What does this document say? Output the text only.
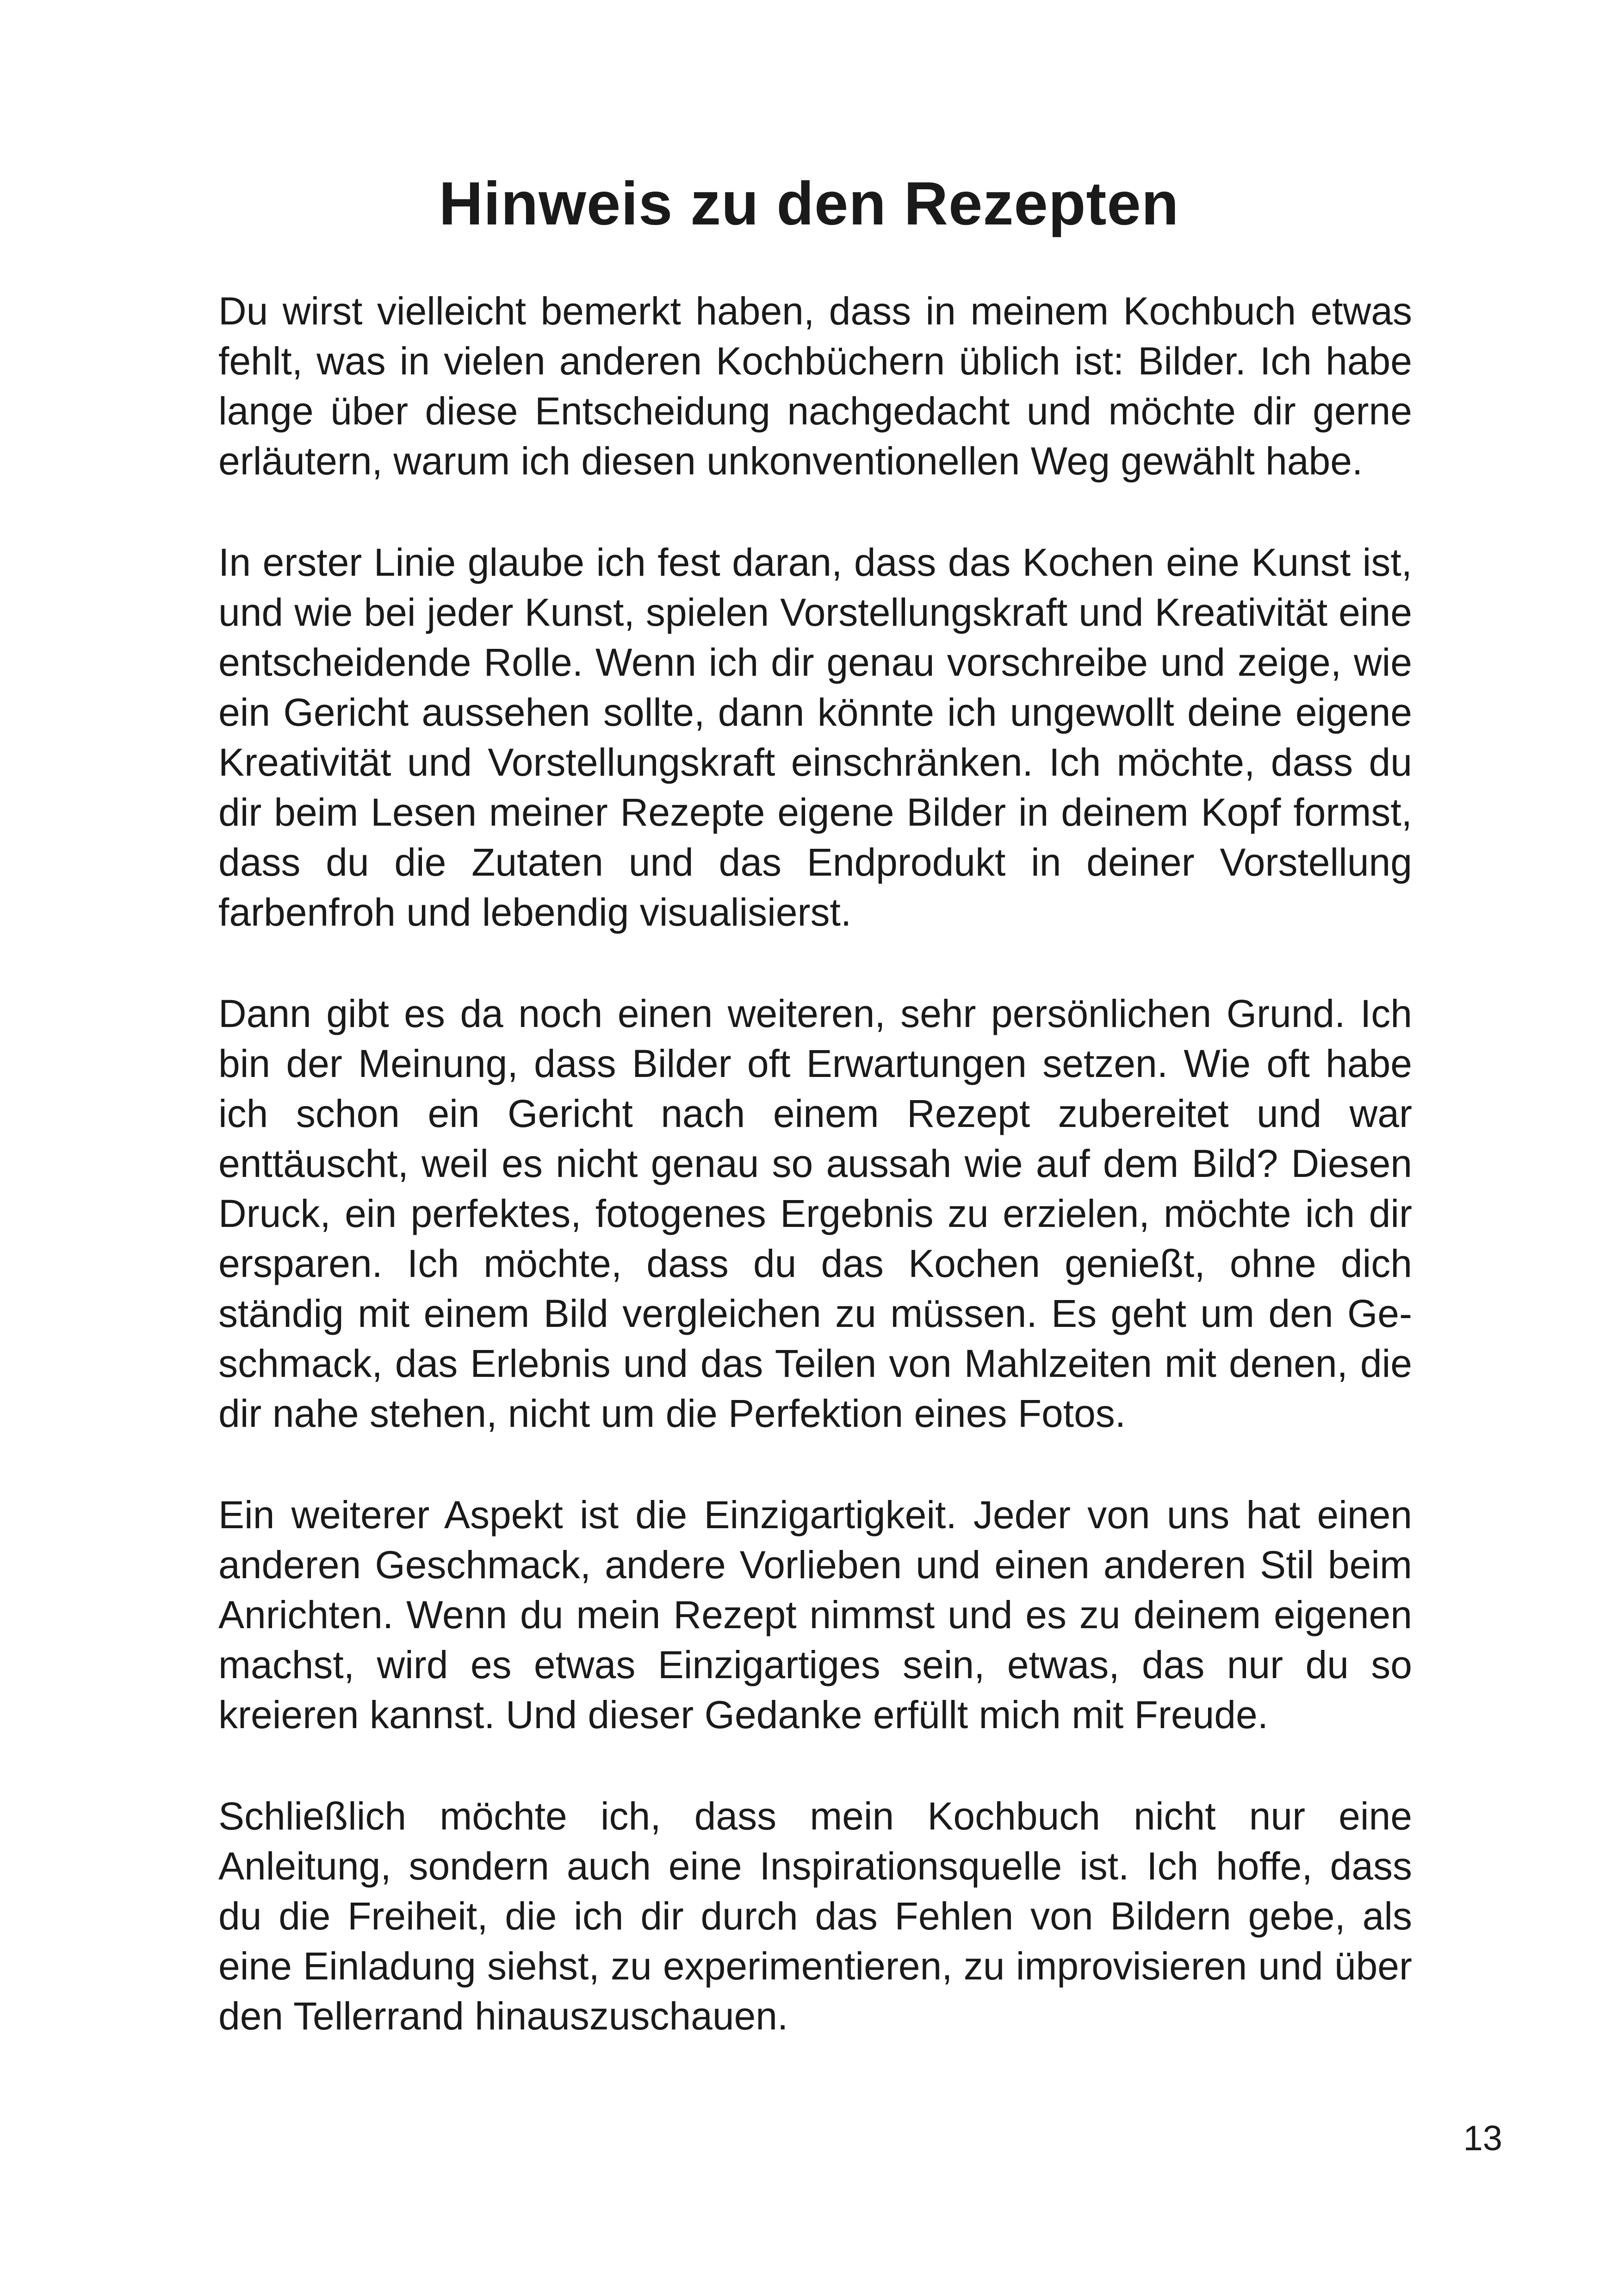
Hinweis zu den Rezepten

Du wirst vielleicht bemerkt haben, dass in meinem Kochbuch etwas fehlt, was in vielen anderen Kochbüchern üblich ist: Bilder. Ich habe lange über diese Entscheidung nachgedacht und möchte dir gerne erläutern, warum ich diesen unkonventionellen Weg gewählt habe.

In erster Linie glaube ich fest daran, dass das Kochen eine Kunst ist, und wie bei jeder Kunst, spielen Vorstellungskraft und Kreativität eine entscheidende Rolle. Wenn ich dir genau vorschreibe und zeige, wie ein Gericht aussehen sollte, dann könnte ich ungewollt deine eigene Kreativität und Vorstellungskraft einschränken. Ich möchte, dass du dir beim Lesen meiner Rezepte eigene Bilder in deinem Kopf formst, dass du die Zutaten und das Endprodukt in deiner Vorstellung farbenfroh und lebendig visualisierst.

Dann gibt es da noch einen weiteren, sehr persönlichen Grund. Ich bin der Meinung, dass Bilder oft Erwartungen setzen. Wie oft habe ich schon ein Gericht nach einem Rezept zubereitet und war enttäuscht, weil es nicht genau so aussah wie auf dem Bild? Diesen Druck, ein perfektes, fotogenes Ergebnis zu erzielen, möchte ich dir ersparen. Ich möchte, dass du das Kochen genießt, ohne dich ständig mit einem Bild vergleichen zu müssen. Es geht um den Geschmack, das Erlebnis und das Teilen von Mahlzeiten mit denen, die dir nahe stehen, nicht um die Perfektion eines Fotos.

Ein weiterer Aspekt ist die Einzigartigkeit. Jeder von uns hat einen anderen Geschmack, andere Vorlieben und einen anderen Stil beim Anrichten. Wenn du mein Rezept nimmst und es zu deinem eigenen machst, wird es etwas Einzigartiges sein, etwas, das nur du so kreieren kannst. Und dieser Gedanke erfüllt mich mit Freude.

Schließlich möchte ich, dass mein Kochbuch nicht nur eine Anleitung, sondern auch eine Inspirationsquelle ist. Ich hoffe, dass du die Freiheit, die ich dir durch das Fehlen von Bildern gebe, als eine Einladung siehst, zu experimentieren, zu improvisieren und über den Tellerrand hinauszuschauen.

13
